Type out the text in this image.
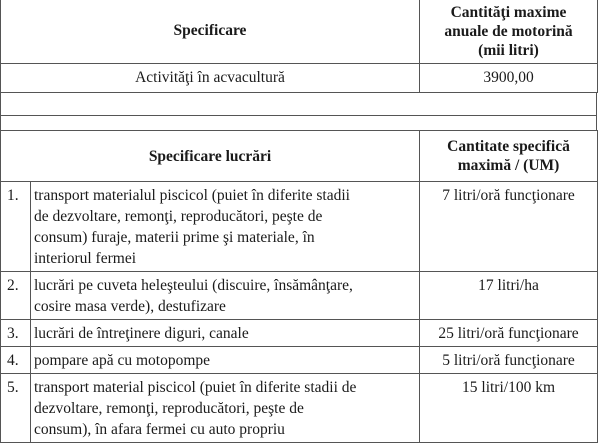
Specificare	Cantităţi maxime
anuale de motorină
(mii litri)
Activităţi în acvacultură	3900,00
Specificare lucrări		Cantitate specifică
maximă / (UM)
1.	transport materialul piscicol (puiet în diferite stadii
de dezvoltare, remonţi, reproducători, peşte de
consum) furaje, materii prime şi materiale, în
interiorul fermei	7 litri/oră funcţionare
2.	lucrări pe cuveta heleşteului (discuire, însămânţare,
cosire masa verde), destufizare	17 litri/ha
3.	lucrări de întreţinere diguri, canale	25 litri/oră funcţionare
4.	pompare apă cu motopompe	5 litri/oră funcţionare
5.	transport material piscicol (puiet în diferite stadii de
dezvoltare, remonţi, reproducători, peşte de
consum), în afara fermei cu auto propriu	15 litri/100 km
